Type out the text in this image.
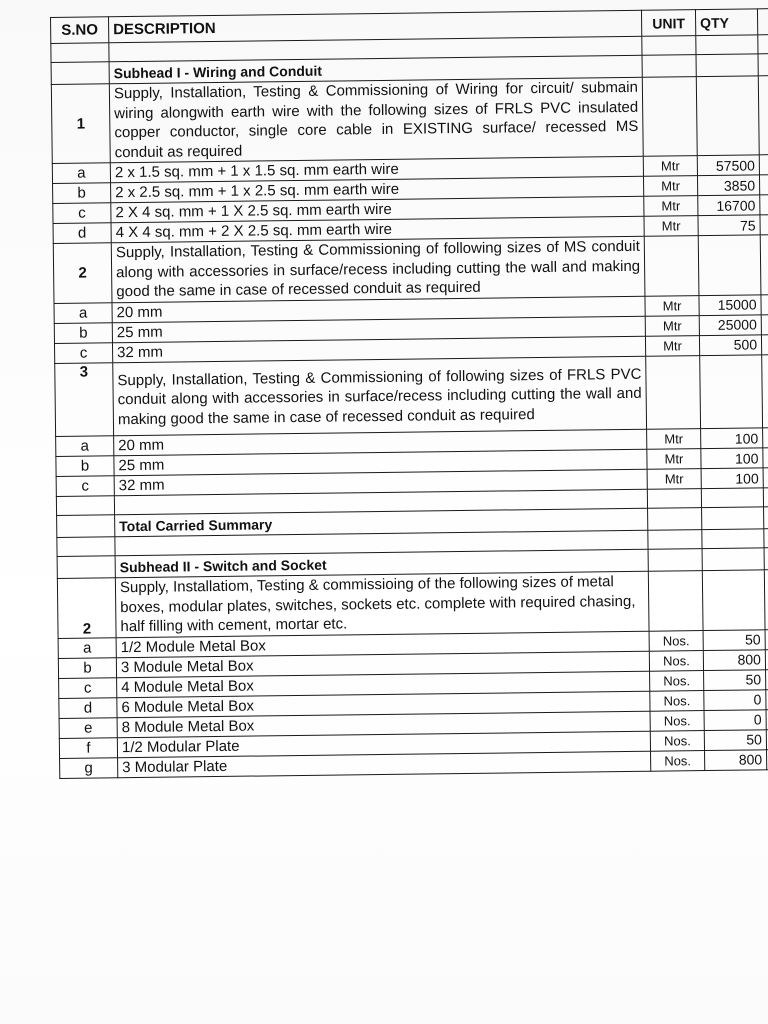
S.NO	DESCRIPTION	UNIT	QTY	

	Subhead I - Wiring and Conduit			
1	Supply, Installation, Testing & Commissioning of Wiring for circuit/ submain wiring alongwith earth wire with the following sizes of FRLS PVC insulated copper conductor, single core cable in EXISTING surface/ recessed MS conduit as required			

a	2 x 1.5 sq. mm + 1 x 1.5 sq. mm earth wire	Mtr	57500	
b	2 x 2.5 sq. mm + 1 x 2.5 sq. mm earth wire	Mtr	3850	
c	2 X 4 sq. mm + 1 X 2.5 sq. mm earth wire	Mtr	16700	
d	4 X 4 sq. mm + 2 X 2.5 sq. mm earth wire	Mtr	75	
2	Supply, Installation, Testing & Commissioning of following sizes of MS conduit along with accessories in surface/recess including cutting the wall and making good the same in case of recessed conduit as required			

a	20 mm	Mtr	15000	
b	25 mm	Mtr	25000	
c	32 mm	Mtr	500	
3	Supply, Installation, Testing & Commissioning of following sizes of FRLS PVC conduit along with accessories in surface/recess including cutting the wall and making good the same in case of recessed conduit as required			

a	20 mm	Mtr	100	
b	25 mm	Mtr	100	
c	32 mm	Mtr	100	

	Total Carried Summary			

	Subhead II - Switch and Socket			
2	Supply, Installatiom, Testing & commissioing of the following sizes of metal boxes, modular plates, switches, sockets etc. complete with required chasing, half filling with cement, mortar etc.			

a	1/2 Module Metal Box	Nos.	50	
b	3 Module Metal Box	Nos.	800	
c	4 Module Metal Box	Nos.	50	
d	6 Module Metal Box	Nos.	0	
e	8 Module Metal Box	Nos.	0	
f	1/2 Modular Plate	Nos.	50	
g	3 Modular Plate	Nos.	800	
